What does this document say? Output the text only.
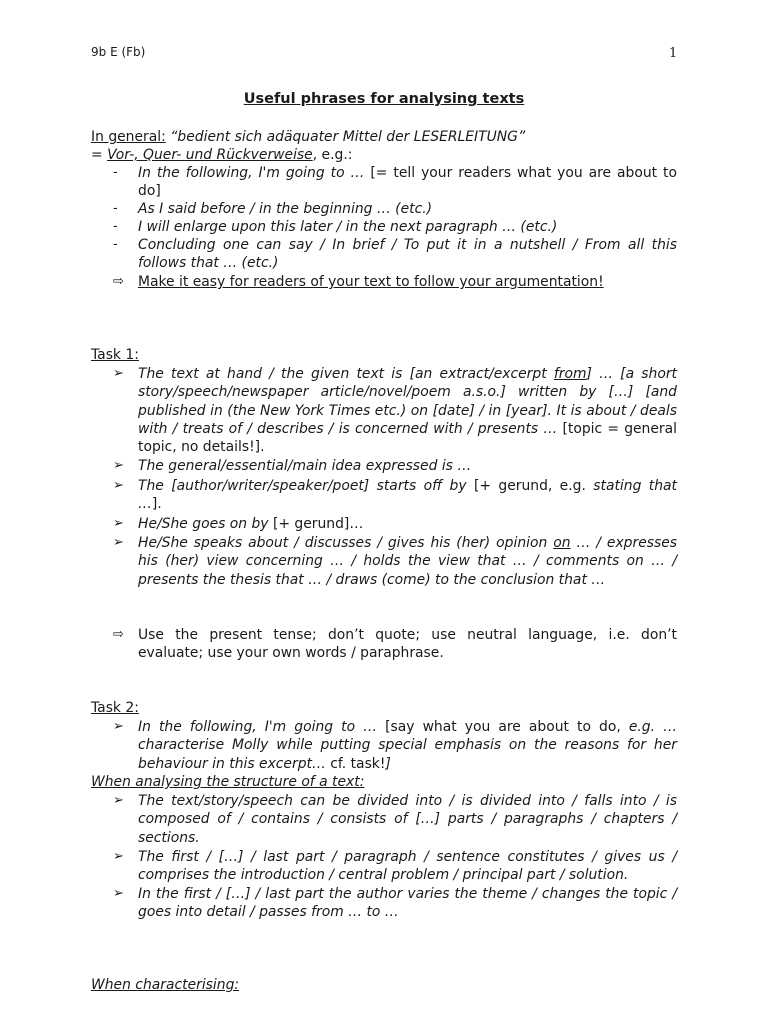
9b E (Fb)	1
Useful phrases for analysing texts
In general: “bedient sich adäquater Mittel der LESERLEITUNG”
= Vor-, Quer- und Rückverweise, e.g.:
-	In the following, I'm going to … [= tell your readers what you are about to do]
-	As I said before / in the beginning … (etc.)
-	I will enlarge upon this later / in the next paragraph … (etc.)
-	Concluding one can say / In brief / To put it in a nutshell / From all this follows that … (etc.)
⇨	Make it easy for readers of your text to follow your argumentation!
Task 1:
➢	The text at hand / the given text is [an extract/excerpt from] … [a short story/speech/newspaper article/novel/poem a.s.o.] written by […] [and published in (the New York Times etc.) on [date] / in [year]. It is about / deals with / treats of / describes / is concerned with / presents … [topic = general topic, no details!].
➢	The general/essential/main idea expressed is …
➢	The [author/writer/speaker/poet] starts off by [+ gerund, e.g. stating that …].
➢	He/She goes on by [+ gerund]…
➢	He/She speaks about / discusses / gives his (her) opinion on … / expresses his (her) view concerning … / holds the view that … / comments on … / presents the thesis that … / draws (come) to the conclusion that …
⇨	Use the present tense; don’t quote; use neutral language, i.e. don’t evaluate; use your own words / paraphrase.
Task 2:
➢	In the following, I'm going to … [say what you are about to do, e.g. … characterise Molly while putting special emphasis on the reasons for her behaviour in this excerpt… cf. task!]
When analysing the structure of a text:
➢	The text/story/speech can be divided into / is divided into / falls into / is composed of / contains / consists of […] parts / paragraphs / chapters / sections.
➢	The first / […] / last part / paragraph / sentence constitutes / gives us / comprises the introduction / central problem / principal part / solution.
➢	In the first / […] / last part the author varies the theme / changes the topic / goes into detail / passes from … to …
When characterising:
